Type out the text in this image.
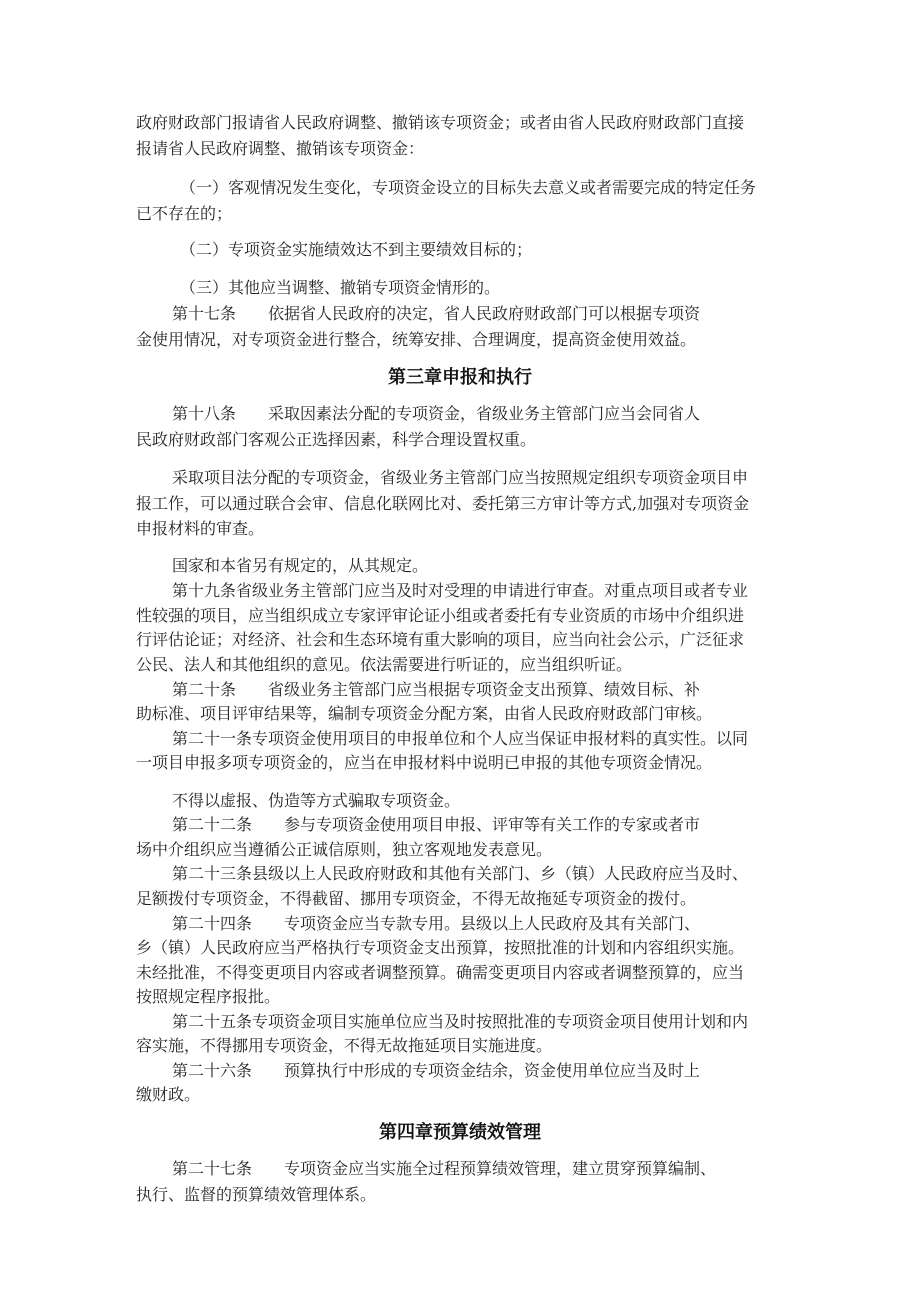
政府财政部门报请省人民政府调整、撤销该专项资金；或者由省人民政府财政部门直接

报请省人民政府调整、撤销该专项资金：

（一）客观情况发生变化，专项资金设立的目标失去意义或者需要完成的特定任务

已不存在的；

（二）专项资金实施绩效达不到主要绩效目标的；

（三）其他应当调整、撤销专项资金情形的。

第十七条　　依据省人民政府的决定，省人民政府财政部门可以根据专项资

金使用情况，对专项资金进行整合，统筹安排、合理调度，提高资金使用效益。

第三章申报和执行

第十八条　　采取因素法分配的专项资金，省级业务主管部门应当会同省人

民政府财政部门客观公正选择因素，科学合理设置权重。

采取项目法分配的专项资金，省级业务主管部门应当按照规定组织专项资金项目申

报工作，可以通过联合会审、信息化联网比对、委托第三方审计等方式,加强对专项资金

申报材料的审查。

国家和本省另有规定的，从其规定。

第十九条省级业务主管部门应当及时对受理的申请进行审查。对重点项目或者专业

性较强的项目，应当组织成立专家评审论证小组或者委托有专业资质的市场中介组织进

行评估论证；对经济、社会和生态环境有重大影响的项目，应当向社会公示，广泛征求

公民、法人和其他组织的意见。依法需要进行听证的，应当组织听证。

第二十条　　省级业务主管部门应当根据专项资金支出预算、绩效目标、补

助标准、项目评审结果等，编制专项资金分配方案，由省人民政府财政部门审核。

第二十一条专项资金使用项目的申报单位和个人应当保证申报材料的真实性。以同

一项目申报多项专项资金的，应当在申报材料中说明已申报的其他专项资金情况。

不得以虚报、伪造等方式骗取专项资金。

第二十二条　　参与专项资金使用项目申报、评审等有关工作的专家或者市

场中介组织应当遵循公正诚信原则，独立客观地发表意见。

第二十三条县级以上人民政府财政和其他有关部门、乡（镇）人民政府应当及时、

足额拨付专项资金，不得截留、挪用专项资金，不得无故拖延专项资金的拨付。

第二十四条　　专项资金应当专款专用。县级以上人民政府及其有关部门、

乡（镇）人民政府应当严格执行专项资金支出预算，按照批准的计划和内容组织实施。

未经批准，不得变更项目内容或者调整预算。确需变更项目内容或者调整预算的，应当

按照规定程序报批。

第二十五条专项资金项目实施单位应当及时按照批准的专项资金项目使用计划和内

容实施，不得挪用专项资金，不得无故拖延项目实施进度。

第二十六条　　预算执行中形成的专项资金结余，资金使用单位应当及时上

缴财政。

第四章预算绩效管理

第二十七条　　专项资金应当实施全过程预算绩效管理，建立贯穿预算编制、

执行、监督的预算绩效管理体系。
